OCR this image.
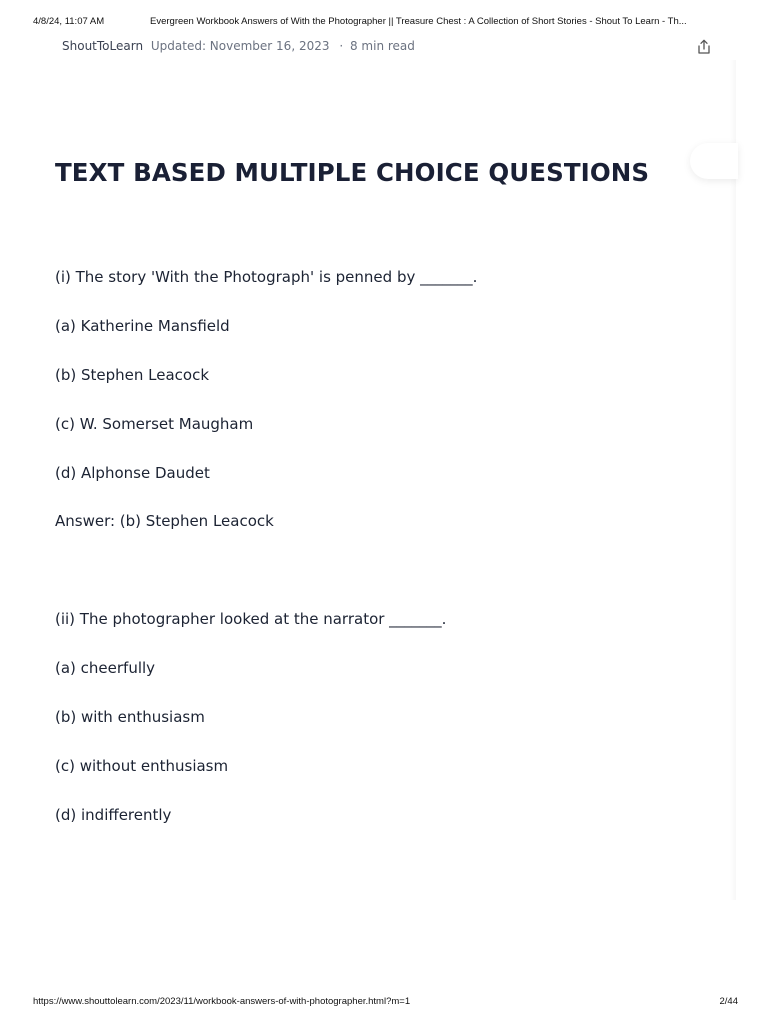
4/8/24, 11:07 AM	Evergreen Workbook Answers of With the Photographer || Treasure Chest : A Collection of Short Stories - Shout To Learn - Th...
ShoutToLearn Updated: November 16, 2023 · 8 min read
TEXT BASED MULTIPLE CHOICE QUESTIONS
(i) The story 'With the Photograph' is penned by _______.
(a) Katherine Mansfield
(b) Stephen Leacock
(c) W. Somerset Maugham
(d) Alphonse Daudet
Answer: (b) Stephen Leacock
(ii) The photographer looked at the narrator _______.
(a) cheerfully
(b) with enthusiasm
(c) without enthusiasm
(d) indifferently
https://www.shouttolearn.com/2023/11/workbook-answers-of-with-photographer.html?m=1	2/44
